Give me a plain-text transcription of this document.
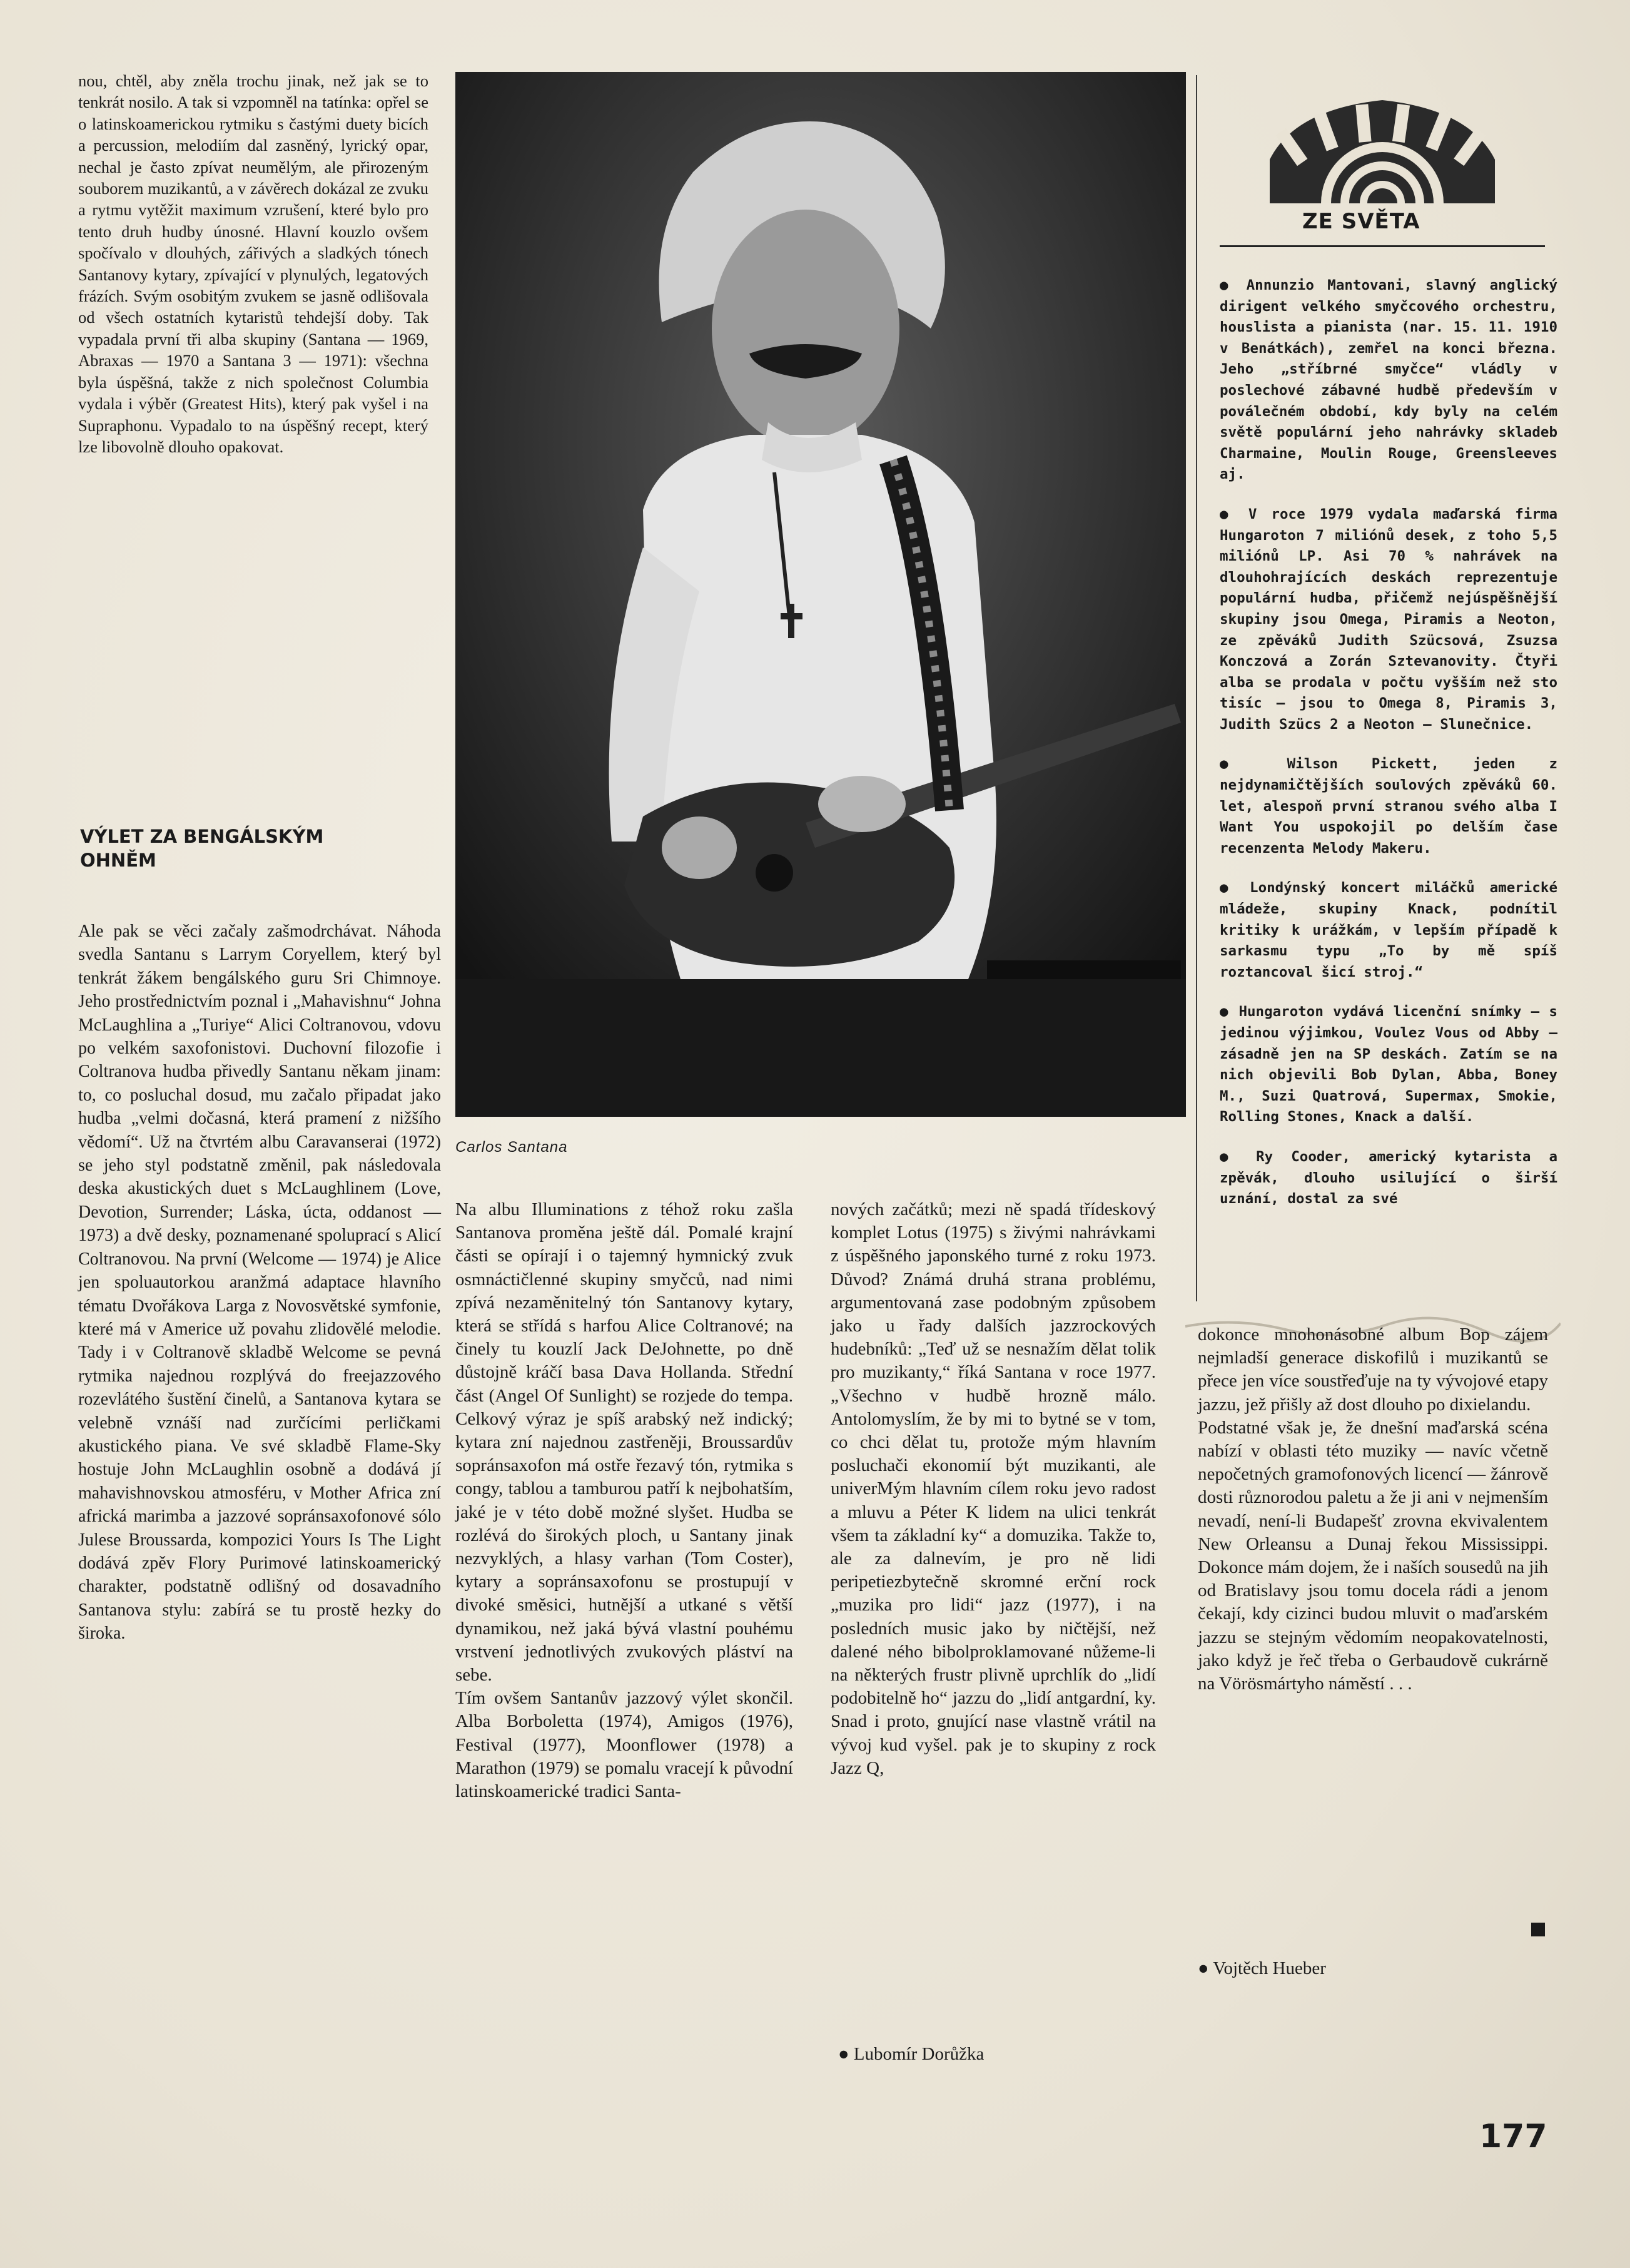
nou, chtěl, aby zněla trochu jinak, než jak se to tenkrát nosilo. A tak si vzpomněl na tatínka: opřel se o latinskoamerickou rytmiku s častými duety bicích a percussion, melodiím dal zasněný, lyrický opar, nechal je často zpívat neumělým, ale přirozeným souborem muzikantů, a v závěrech dokázal ze zvuku a rytmu vytěžit maximum vzrušení, které bylo pro tento druh hudby únosné. Hlavní kouzlo ovšem spočívalo v dlouhých, zářivých a sladkých tónech Santanovy kytary, zpívající v plynulých, legatových frázích. Svým osobitým zvukem se jasně odlišovala od všech ostatních kytaristů tehdejší doby. Tak vypadala první tři alba skupiny (Santana — 1969, Abraxas — 1970 a Santana 3 — 1971): všechna byla úspěšná, takže z nich společnost Columbia vydala i výběr (Greatest Hits), který pak vyšel i na Supraphonu. Vypadalo to na úspěšný recept, který lze libovolně dlouho opakovat.
VÝLET ZA BENGÁLSKÝM
OHNĚM
Ale pak se věci začaly zašmodrchávat. Náhoda svedla Santanu s Larrym Coryellem, který byl tenkrát žákem bengálského guru Sri Chimnoye. Jeho prostřednictvím poznal i „Mahavishnu“ Johna McLaughlina a „Turiye“ Alici Coltranovou, vdovu po velkém saxofonistovi. Duchovní filozofie i Coltranova hudba přivedly Santanu někam jinam: to, co posluchal dosud, mu začalo připadat jako hudba „velmi dočasná, která pramení z nižšího vědomí“. Už na čtvrtém albu Caravanserai (1972) se jeho styl podstatně změnil, pak následovala deska akustických duet s McLaughlinem (Love, Devotion, Surrender; Láska, úcta, oddanost — 1973) a dvě desky, poznamenané spoluprací s Alicí Coltranovou. Na první (Welcome — 1974) je Alice jen spoluautorkou aranžmá adaptace hlavního tématu Dvořákova Larga z Novosvětské symfonie, které má v Americe už povahu zlidovělé melodie. Tady i v Coltranově skladbě Welcome se pevná rytmika najednou rozplývá do freejazzového rozevlátého šustění činelů, a Santanova kytara se velebně vznáší nad zurčícími perličkami akustického piana. Ve své skladbě Flame-Sky hostuje John McLaughlin osobně a dodává jí mahavishnovskou atmosféru, v Mother Africa zní africká marimba a jazzové sopránsaxofonové sólo Julese Broussarda, kompozici Yours Is The Light dodává zpěv Flory Purimové latinskoamerický charakter, podstatně odlišný od dosavadního Santanova stylu: zabírá se tu prostě hezky do široka.
Carlos Santana
Na albu Illuminations z téhož roku zašla Santanova proměna ještě dál. Pomalé krajní části se opírají i o tajemný hymnický zvuk osmnáctičlenné skupiny smyčců, nad nimi zpívá nezaměnitelný tón Santanovy kytary, která se střídá s harfou Alice Coltranové; na činely tu kouzlí Jack DeJohnette, po dně důstojně kráčí basa Dava Hollanda. Střední část (Angel Of Sunlight) se rozjede do tempa. Celkový výraz je spíš arabský než indický; kytara zní najednou zastřeněji, Broussardův sopránsaxofon má ostře řezavý tón, rytmika s congy, tablou a tamburou patří k nejbohatším, jaké je v této době možné slyšet. Hudba se rozlévá do širokých ploch, u Santany jinak nezvyklých, a hlasy varhan (Tom Coster), kytary a sopránsaxofonu se prostupují v divoké směsici, hutnější a utkané s větší dynamikou, než jaká bývá vlastní pouhému vrstvení jednotlivých zvukových pláství na sebe.
Tím ovšem Santanův jazzový výlet skončil. Alba Borboletta (1974), Amigos (1976), Festival (1977), Moonflower (1978) a Marathon (1979) se pomalu vracejí k původní latinskoamerické tradici Santa-
nových začátků; mezi ně spadá třídeskový komplet Lotus (1975) s živými nahrávkami z úspěšného japonského turné z roku 1973. Důvod? Známá druhá strana problému, argumentovaná zase podobným způsobem jako u řady dalších jazzrockových hudebníků: „Teď už se nesnažím dělat tolik pro muzikanty,“ říká Santana v roce 1977. „Všechno v hudbě hrozně málo. Antolomyslím, že by mi to bytné se v tom, co chci dělat tu, protože mým hlavním posluchači ekonomií být muzikanti, ale univerMým hlavním cílem roku jevo radost a mluvu a Péter K lidem na ulici tenkrát všem ta základní ky“ a domuzika. Takže to, ale za dalnevím, je pro ně lidi peripetiezbytečně skromné erční rock „muzika pro lidi“ jazz (1977), i na posledních music jako by ničtější, než dalené ného bibolproklamované nůžeme-li na některých frustr plivně uprchlík do „lidí podobitelně ho“ jazzu do „lidí antgardní, ky. Snad i proto, gnující nase vlastně vrátil na vývoj kud vyšel. pak je to skupiny z rock Jazz Q,
● Lubomír Dorůžka
ZE SVĚTA
● Annunzio Mantovani, slavný anglický dirigent velkého smyčcového orchestru, houslista a pianista (nar. 15. 11. 1910 v Benátkách), zemřel na konci března. Jeho „stříbrné smyčce“ vládly v poslechové zábavné hudbě především v poválečném období, kdy byly na celém světě populární jeho nahrávky skladeb Charmaine, Moulin Rouge, Greensleeves aj.
● V roce 1979 vydala maďarská firma Hungaroton 7 miliónů desek, z toho 5,5 miliónů LP. Asi 70 % nahrávek na dlouhohrajících deskách reprezentuje populární hudba, přičemž nejúspěšnější skupiny jsou Omega, Piramis a Neoton, ze zpěváků Judith Szücsová, Zsuzsa Konczová a Zorán Sztevanovity. Čtyři alba se prodala v počtu vyšším než sto tisíc — jsou to Omega 8, Piramis 3, Judith Szücs 2 a Neoton — Slunečnice.
● Wilson Pickett, jeden z nejdynamičtějších soulových zpěváků 60. let, alespoň první stranou svého alba I Want You uspokojil po delším čase recenzenta Melody Makeru.
● Londýnský koncert miláčků americké mládeže, skupiny Knack, podnítil kritiky k urážkám, v lepším případě k sarkasmu typu „To by mě spíš roztancoval šicí stroj.“
● Hungaroton vydává licenční snímky — s jedinou výjimkou, Voulez Vous od Abby — zásadně jen na SP deskách. Zatím se na nich objevili Bob Dylan, Abba, Boney M., Suzi Quatrová, Supermax, Smokie, Rolling Stones, Knack a další.
● Ry Cooder, americký kytarista a zpěvák, dlouho usilující o širší uznání, dostal za své
dokonce mnohonásobné album Bop zájem nejmladší generace diskofilů i muzikantů se přece jen více soustřeďuje na ty vývojové etapy jazzu, jež přišly až dost dlouho po dixielandu.
Podstatné však je, že dnešní maďarská scéna nabízí v oblasti této muziky — navíc včetně nepočetných gramofonových licencí — žánrově dosti různorodou paletu a že ji ani v nejmenším nevadí, není-li Budapešť zrovna ekvivalentem New Orleansu a Dunaj řekou Mississippi. Dokonce mám dojem, že i naších sousedů na jih od Bratislavy jsou tomu docela rádi a jenom čekají, kdy cizinci budou mluvit o maďarském jazzu se stejným vědomím neopakovatelnosti, jako když je řeč třeba o Gerbaudově cukrárně na Vörösmártyho náměstí . . .
● Vojtěch Hueber
177
